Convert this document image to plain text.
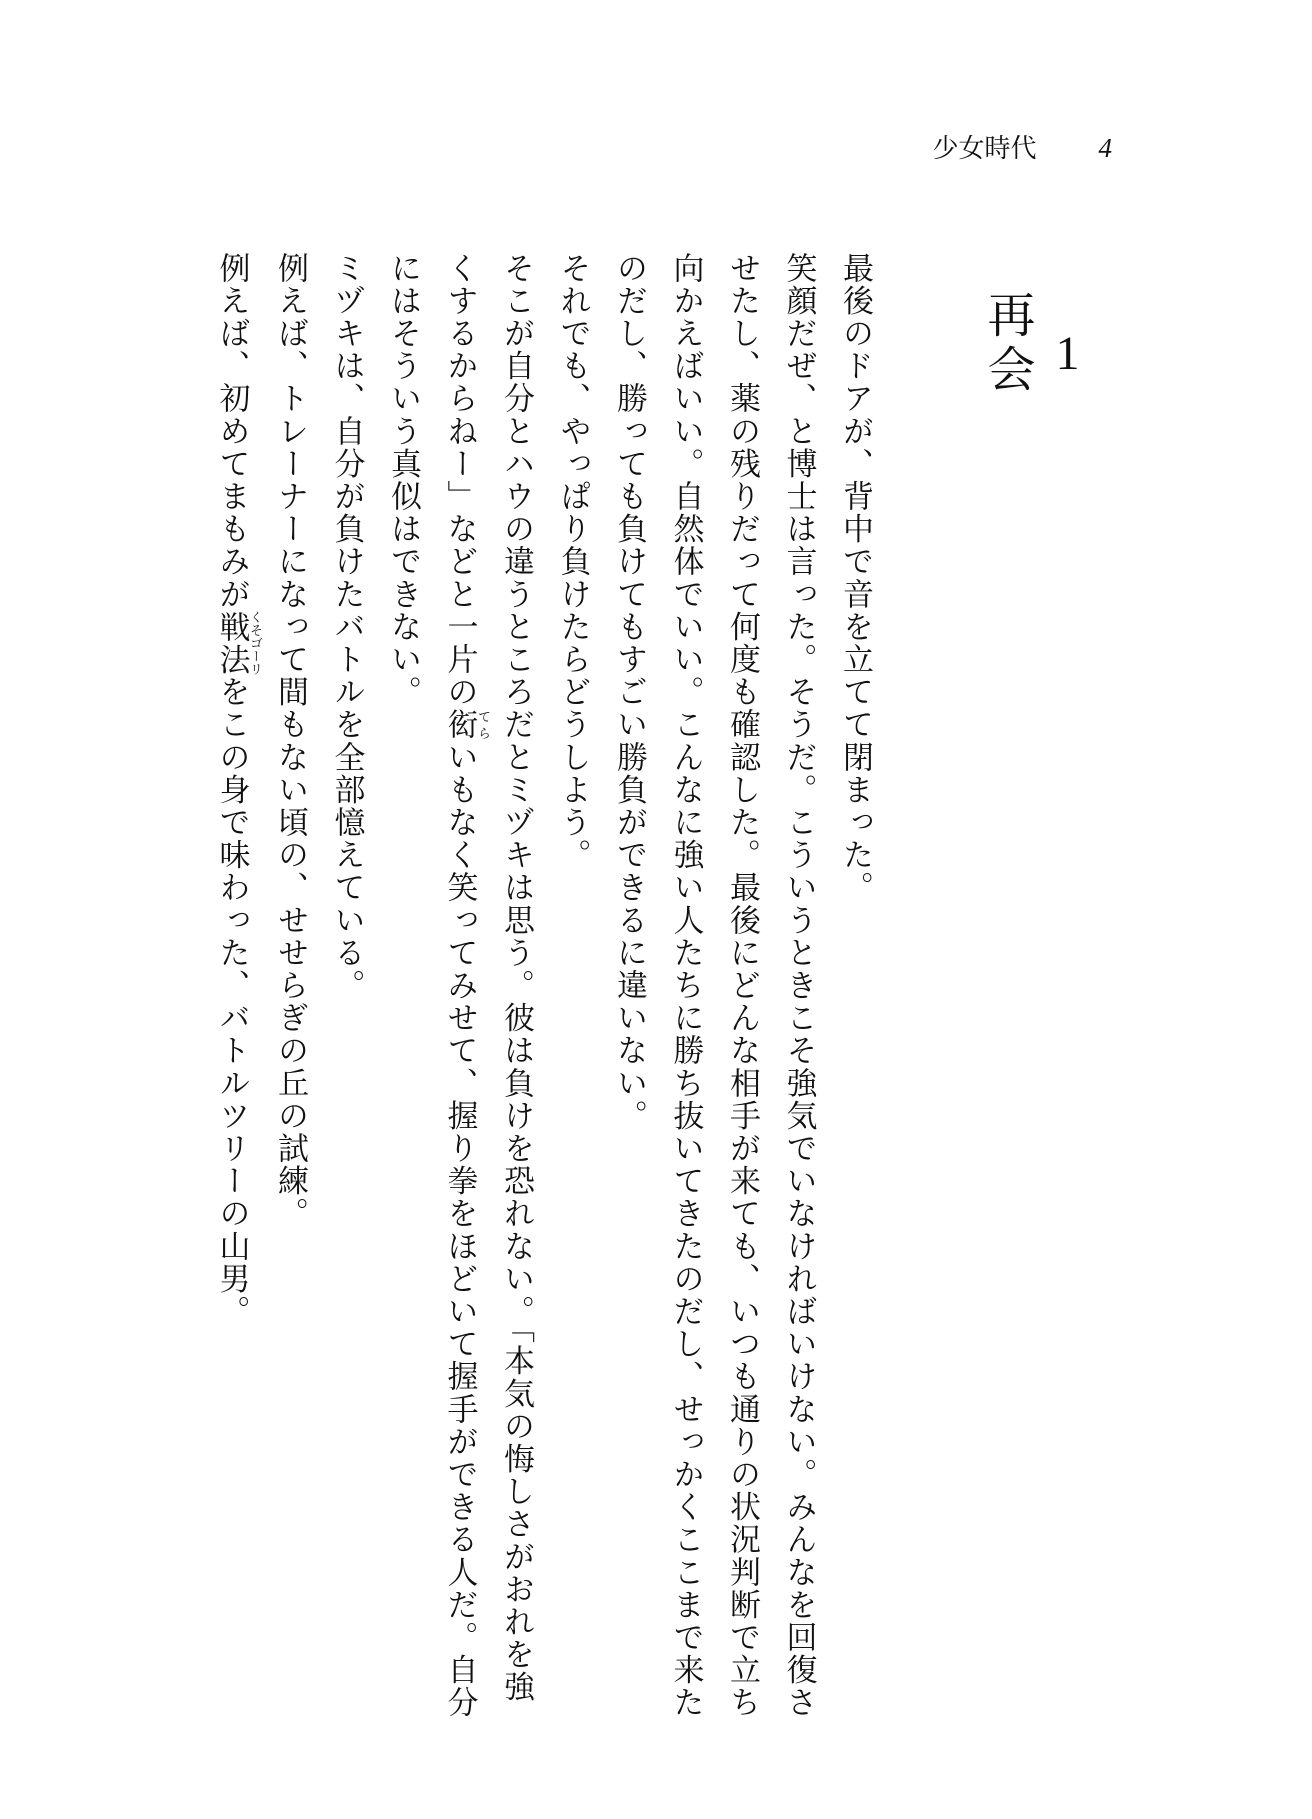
少女時代 4
1
再会

最後のドアが、背中で音を立てて閉まった。

笑顔だぜ、と博士は言った。そうだ。こういうときこそ強気でいなければいけない。みんなを回復させたし、薬の残りだって何度も確認した。最後にどんな相手が来ても、いつも通りの状況判断で立ち向かえばいい。自然体でいい。こんなに強い人たちに勝ち抜いてきたのだし、せっかくここまで来たのだし、勝っても負けてもすごい勝負ができるに違いない。

それでも、やっぱり負けたらどうしよう。

そこが自分とハウの違うところだとミヅキは思う。彼は負けを恐れない。「本気の悔しさがおれを強くするからねー」などと一片の衒てらいもなく笑ってみせて、握り拳をほどいて握手ができる人だ。自分にはそういう真似はできない。

ミヅキは、自分が負けたバトルを全部憶えている。

例えば、トレーナーになって間もない頃の、せせらぎの丘の試練。

例えば、初めてまもみが戦法くそゴーリをこの身で味わった、バトルツリーの山男。
